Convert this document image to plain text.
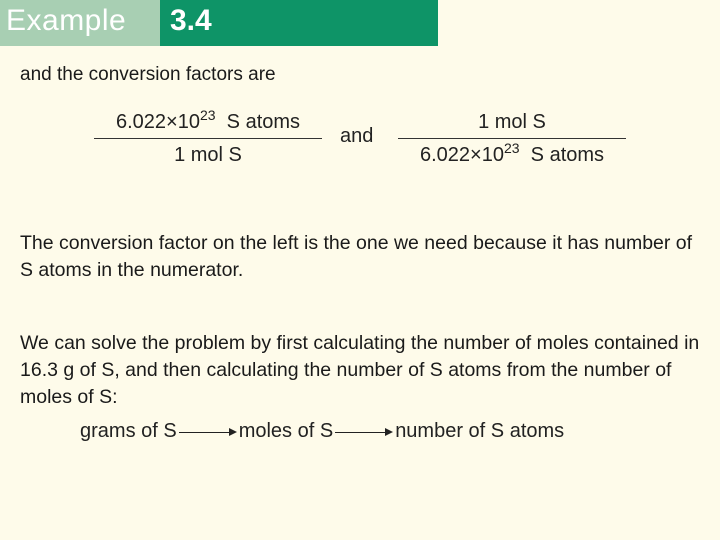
Example 3.4
and the conversion factors are
$6.022\times 10^{23}$ S atoms
1 mol S
and
1 mol S
$6.022\times 10^{23}$ S atoms
The conversion factor on the left is the one we need because it has number of S atoms in the numerator.
We can solve the problem by first calculating the number of moles contained in 16.3 g of S, and then calculating the number of S atoms from the number of moles of S:
grams of S	moles of S	number of S atoms
